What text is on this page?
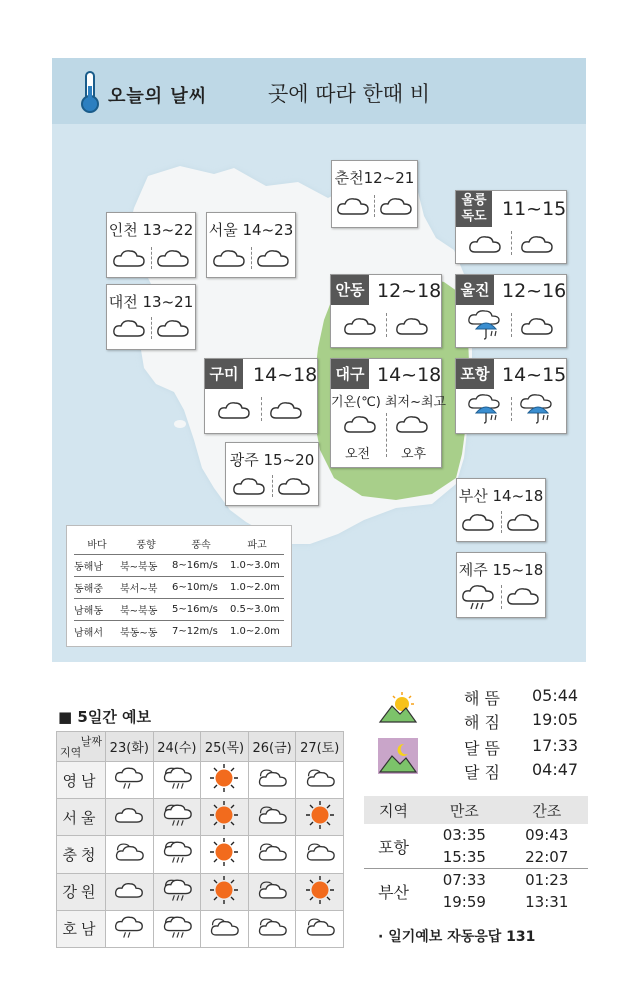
오늘의 날씨	곳에 따라 한때 비
춘천12~21
인천 13~22 서울 14~23
대전 13~21
광주 15~20
부산 14~18
제주 15~18
울릉
독도 11~15
안동 12~18	울진 12~16
구미 14~18	대구 14~18
기온(℃) 최저~최고
오전 오후
포항 14~15
바다	풍향	풍속	파고
동해남	북~북동	8~16m/s	1.0~3.0m
동해중	북서~북	6~10m/s	1.0~2.0m
남해동	북~북동	5~16m/s	0.5~3.0m
남해서	북동~동	7~12m/s	1.0~2.0m
■ 5일간 예보
날짜
지역	23(화)	24(수)	25(목)	26(금)	27(토)
영남					
서울					
충청					
강원					
호남					
해 뜸 05:44
해 짐 19:05
달 뜸 17:33
달 짐 04:47
지역	만조	간조
포항	03:35	09:43
	15:35	22:07
부산	07:33	01:23
	19:59	13:31
· 일기예보 자동응답 131
